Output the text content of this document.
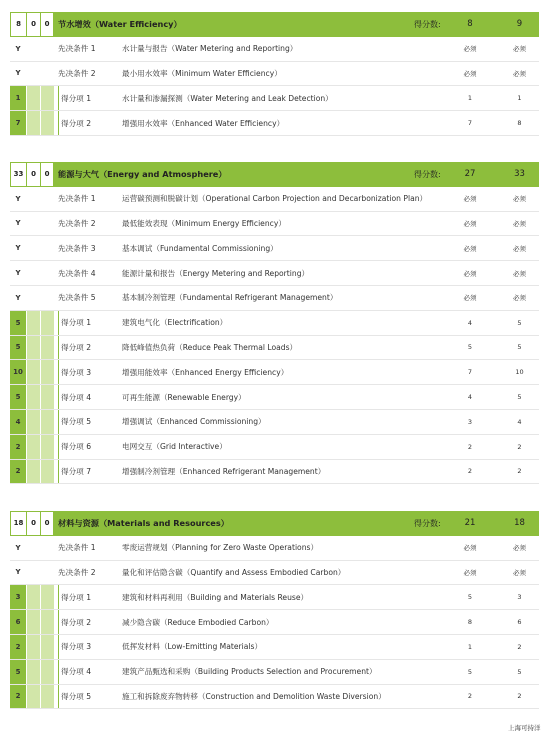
8	0	0	节水增效（Water Efficiency）	得分数:	8	9
Y	先决条件 1	水计量与报告（Water Metering and Reporting）	必须	必须
Y	先决条件 2	最小用水效率（Minimum Water Efficiency）	必须	必须
1	得分项 1	水计量和渗漏探测（Water Metering and Leak Detection）	1	1
7	得分项 2	增强用水效率（Enhanced Water Efficiency）	7	8
33	0	0	能源与大气（Energy and Atmosphere）	得分数:	27	33
Y	先决条件 1	运营碳预测和脱碳计划（Operational Carbon Projection and Decarbonization Plan）	必须	必须
Y	先决条件 2	最低能效表现（Minimum Energy Efficiency）	必须	必须
Y	先决条件 3	基本调试（Fundamental Commissioning）	必须	必须
Y	先决条件 4	能源计量和报告（Energy Metering and Reporting）	必须	必须
Y	先决条件 5	基本制冷剂管理（Fundamental Refrigerant Management）	必须	必须
5	得分项 1	建筑电气化（Electrification）	4	5
5	得分项 2	降低峰值热负荷（Reduce Peak Thermal Loads）	5	5
10	得分项 3	增强用能效率（Enhanced Energy Efficiency）	7	10
5	得分项 4	可再生能源（Renewable Energy）	4	5
4	得分项 5	增强调试（Enhanced Commissioning）	3	4
2	得分项 6	电网交互（Grid Interactive）	2	2
2	得分项 7	增强制冷剂管理（Enhanced Refrigerant Management）	2	2
18	0	0	材料与资源（Materials and Resources）	得分数:	21	18
Y	先决条件 1	零废运营规划（Planning for Zero Waste Operations）	必须	必须
Y	先决条件 2	量化和评估隐含碳（Quantify and Assess Embodied Carbon）	必须	必须
3	得分项 1	建筑和材料再利用（Building and Materials Reuse）	5	3
6	得分项 2	减少隐含碳（Reduce Embodied Carbon）	8	6
2	得分项 3	低挥发材料（Low-Emitting Materials）	1	2
5	得分项 4	建筑产品甄选和采购（Building Products Selection and Procurement）	5	5
2	得分项 5	施工和拆除废弃物转移（Construction and Demolition Waste Diversion）	2	2
上海可持洋
